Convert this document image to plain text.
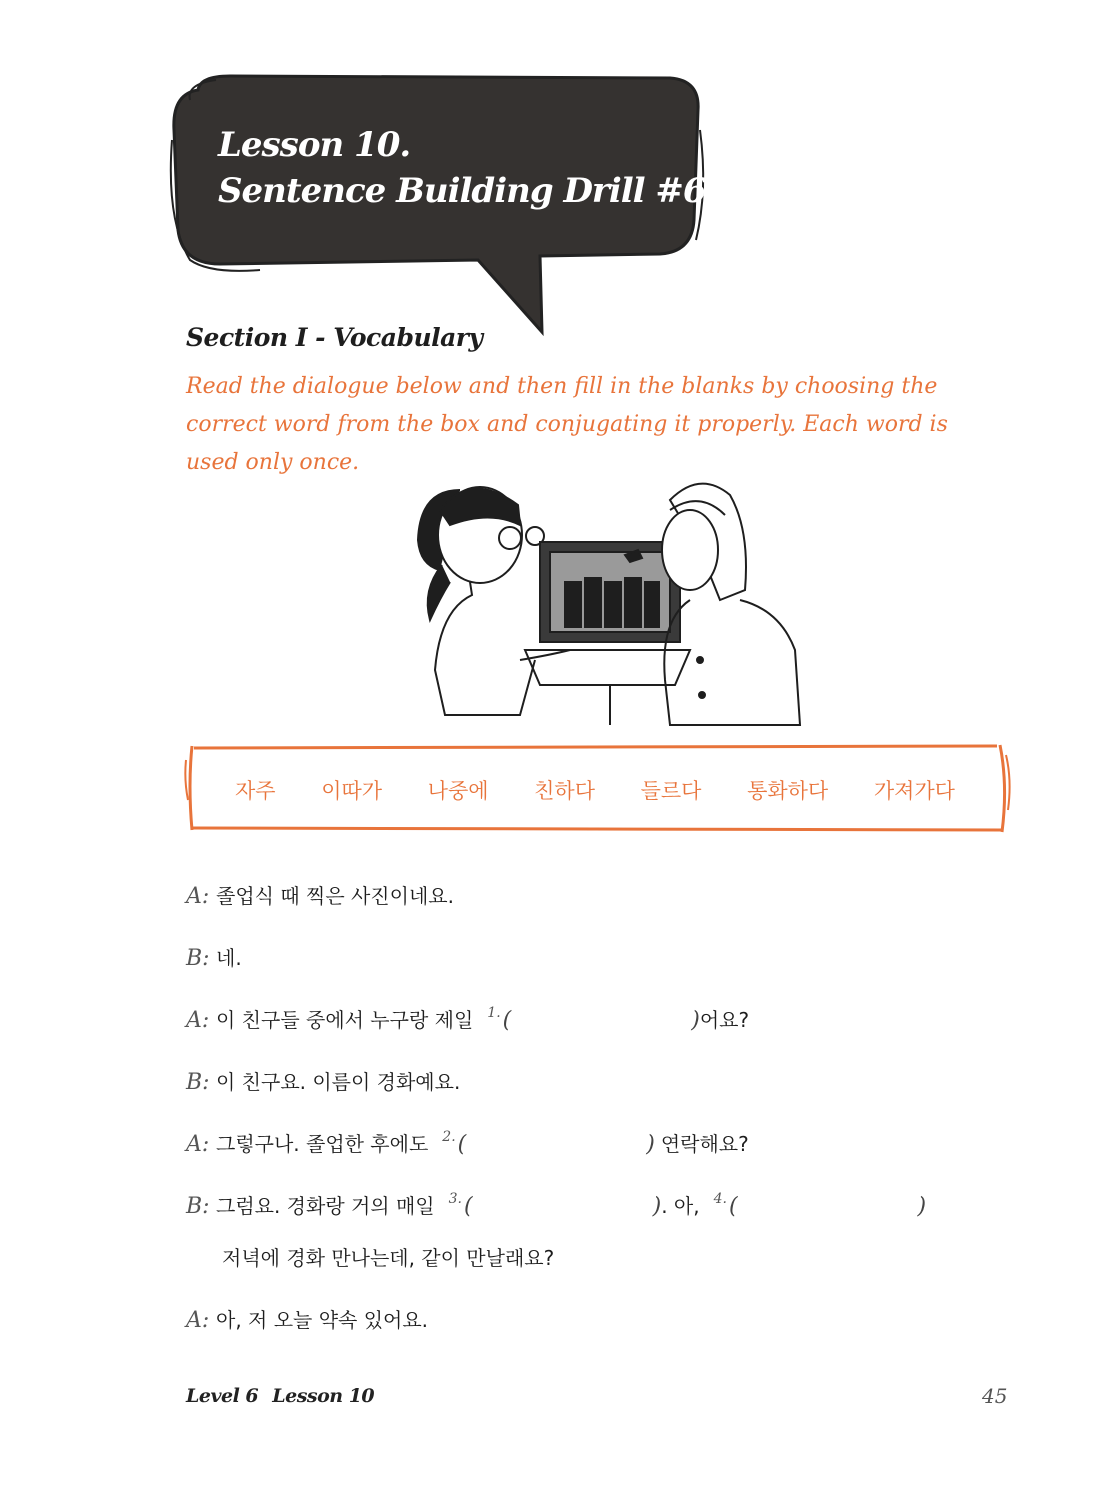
Lesson 10.
Sentence Building Drill #6
Section I - Vocabulary
Read the dialogue below and then fill in the blanks by choosing the correct word from the box and conjugating it properly. Each word is used only once.
자주 이따가 나중에 친하다 들르다 통화하다 가져가다
A: 졸업식 때 찍은 사진이네요.
B: 네.
A: 이 친구들 중에서 누구랑 제일 1. (	) 어요?
B: 이 친구요. 이름이 경화예요.
A: 그렇구나. 졸업한 후에도 2. (	) 연락해요?
B: 그럼요. 경화랑 거의 매일 3. (	) . 아, 4. (	)
저녁에 경화 만나는데, 같이 만날래요?
A: 아, 저 오늘 약속 있어요.
Level 6 Lesson 10	45
